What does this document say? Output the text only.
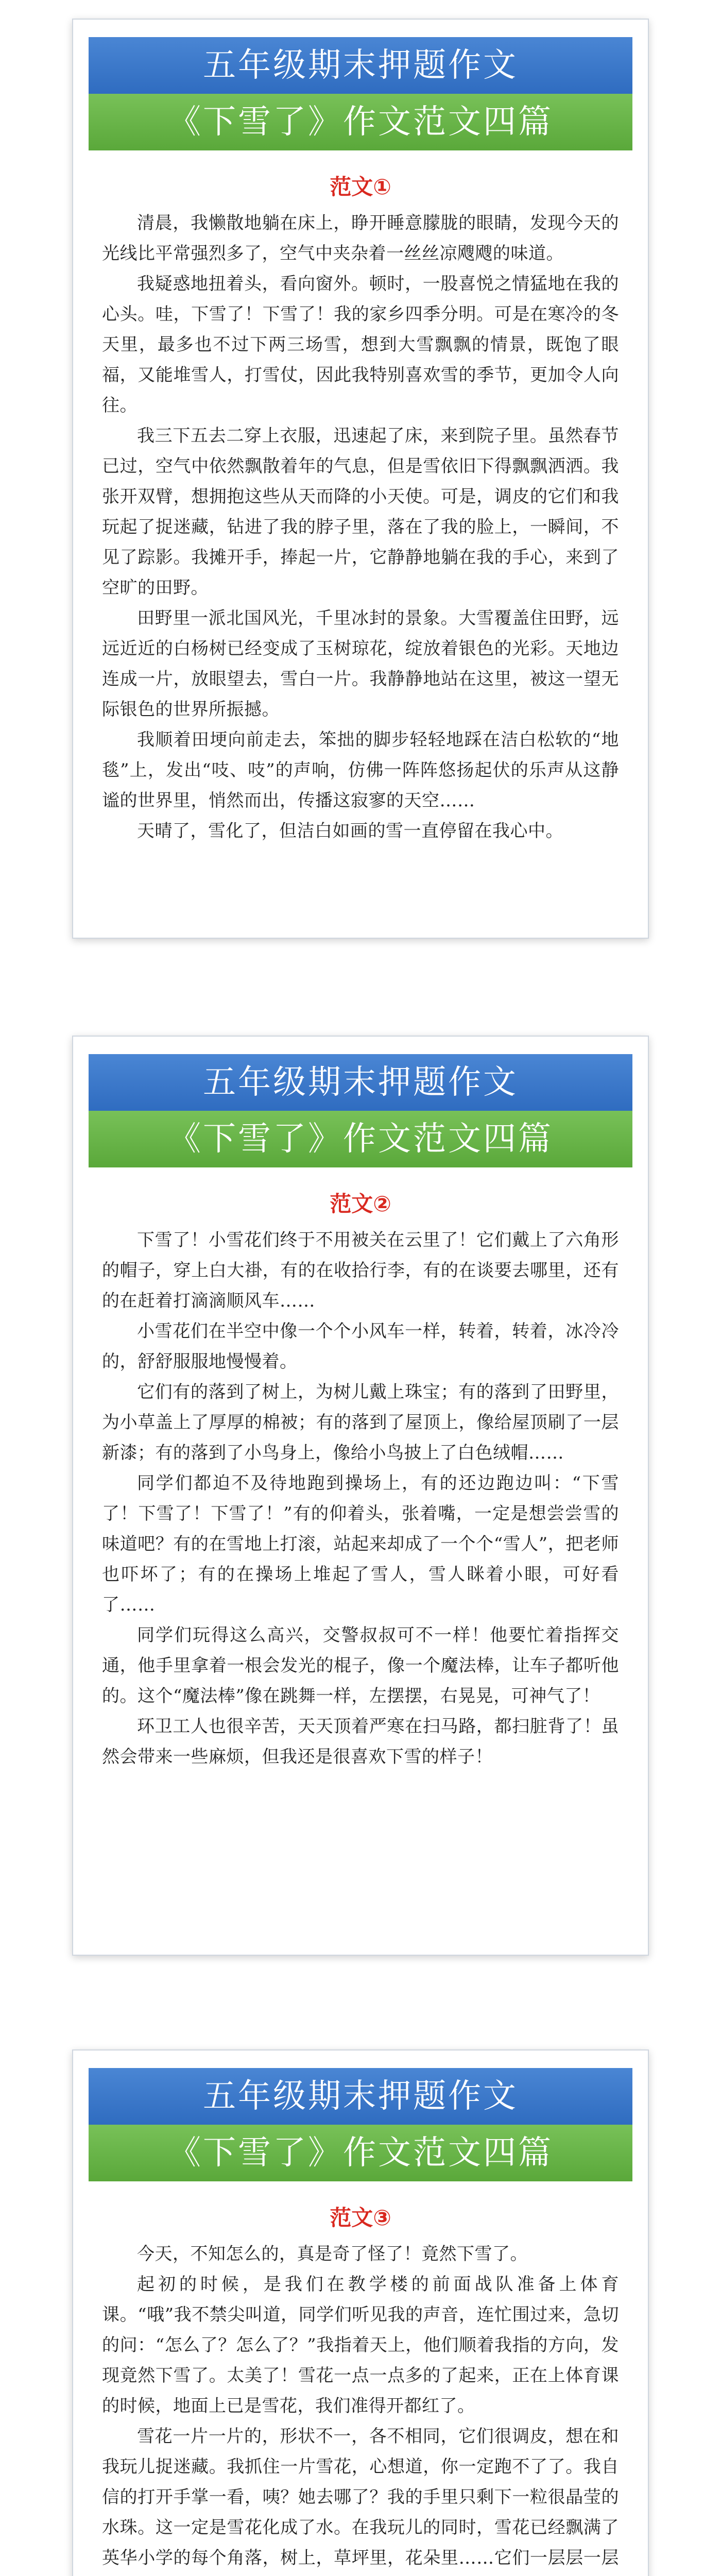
五年级期末押题作文
《下雪了》作文范文四篇
范文①

清晨，我懒散地躺在床上，睁开睡意朦胧的眼睛，发现今天的光线比平常强烈多了，空气中夹杂着一丝丝凉飕飕的味道。

我疑惑地扭着头，看向窗外。顿时，一股喜悦之情猛地在我的心头。哇，下雪了！下雪了！我的家乡四季分明。可是在寒冷的冬天里，最多也不过下两三场雪，想到大雪飘飘的情景，既饱了眼福，又能堆雪人，打雪仗，因此我特别喜欢雪的季节，更加令人向往。

我三下五去二穿上衣服，迅速起了床，来到院子里。虽然春节已过，空气中依然飘散着年的气息，但是雪依旧下得飘飘洒洒。我张开双臂，想拥抱这些从天而降的小天使。可是，调皮的它们和我玩起了捉迷藏，钻进了我的脖子里，落在了我的脸上，一瞬间，不见了踪影。我摊开手，捧起一片，它静静地躺在我的手心，来到了空旷的田野。

田野里一派北国风光，千里冰封的景象。大雪覆盖住田野，远远近近的白杨树已经变成了玉树琼花，绽放着银色的光彩。天地边连成一片，放眼望去，雪白一片。我静静地站在这里，被这一望无际银色的世界所振撼。

我顺着田埂向前走去，笨拙的脚步轻轻地踩在洁白松软的“地毯”上，发出“吱、吱”的声响，仿佛一阵阵悠扬起伏的乐声从这静谧的世界里，悄然而出，传播这寂寥的天空……

天晴了，雪化了，但洁白如画的雪一直停留在我心中。

五年级期末押题作文
《下雪了》作文范文四篇
范文②

下雪了！小雪花们终于不用被关在云里了！它们戴上了六角形的帽子，穿上白大褂，有的在收拾行李，有的在谈要去哪里，还有的在赶着打滴滴顺风车……

小雪花们在半空中像一个个小风车一样，转着，转着，冰冷冷的，舒舒服服地慢慢着。

它们有的落到了树上，为树儿戴上珠宝；有的落到了田野里，为小草盖上了厚厚的棉被；有的落到了屋顶上，像给屋顶刷了一层新漆；有的落到了小鸟身上，像给小鸟披上了白色绒帽……

同学们都迫不及待地跑到操场上，有的还边跑边叫：“下雪了！下雪了！下雪了！”有的仰着头，张着嘴，一定是想尝尝雪的味道吧？有的在雪地上打滚，站起来却成了一个个“雪人”，把老师也吓坏了；有的在操场上堆起了雪人，雪人眯着小眼，可好看了……

同学们玩得这么高兴，交警叔叔可不一样！他要忙着指挥交通，他手里拿着一根会发光的棍子，像一个魔法棒，让车子都听他的。这个“魔法棒”像在跳舞一样，左摆摆，右晃晃，可神气了！

环卫工人也很辛苦，天天顶着严寒在扫马路，都扫脏背了！虽然会带来一些麻烦，但我还是很喜欢下雪的样子！

五年级期末押题作文
《下雪了》作文范文四篇
范文③

今天，不知怎么的，真是奇了怪了！竟然下雪了。

起初的时候，是我们在教学楼的前面战队准备上体育课。“哦”我不禁尖叫道，同学们听见我的声音，连忙围过来，急切的问：“怎么了？怎么了？”我指着天上，他们顺着我指的方向，发现竟然下雪了。太美了！雪花一点一点多的了起来，正在上体育课的时候，地面上已是雪花，我们准得开都红了。

雪花一片一片的，形状不一，各不相同，它们很调皮，想在和我玩儿捉迷藏。我抓住一片雪花，心想道，你一定跑不了了。我自信的打开手掌一看，咦？她去哪了？我的手里只剩下一粒很晶莹的水珠。这一定是雪花化成了水。在我玩儿的同时，雪花已经飘满了英华小学的每个角落，树上，草坪里，花朵里……它们一层层一层
